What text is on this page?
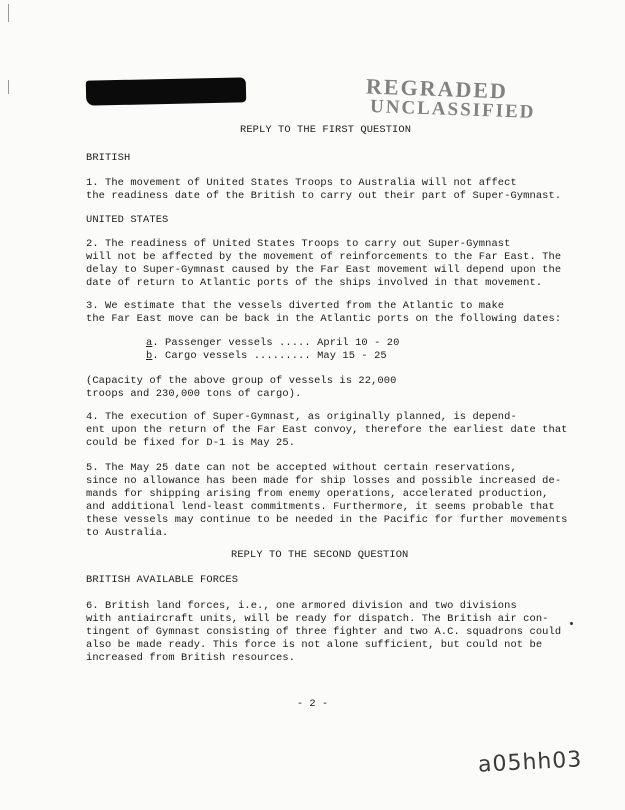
REGRADED
UNCLASSIFIED
REPLY TO THE FIRST QUESTION
BRITISH
1. The movement of United States Troops to Australia will not affect
the readiness date of the British to carry out their part of Super-Gymnast.
UNITED STATES
2. The readiness of United States Troops to carry out Super-Gymnast
will not be affected by the movement of reinforcements to the Far East. The
delay to Super-Gymnast caused by the Far East movement will depend upon the
date of return to Atlantic ports of the ships involved in that movement.
3. We estimate that the vessels diverted from the Atlantic to make
the Far East move can be back in the Atlantic ports on the following dates:
a. Passenger vessels ..... April 10 - 20
b. Cargo vessels ......... May 15 - 25
(Capacity of the above group of vessels is 22,000
troops and 230,000 tons of cargo).
4. The execution of Super-Gymnast, as originally planned, is depend-
ent upon the return of the Far East convoy, therefore the earliest date that
could be fixed for D-1 is May 25.
5. The May 25 date can not be accepted without certain reservations,
since no allowance has been made for ship losses and possible increased de-
mands for shipping arising from enemy operations, accelerated production,
and additional lend-least commitments. Furthermore, it seems probable that
these vessels may continue to be needed in the Pacific for further movements
to Australia.
REPLY TO THE SECOND QUESTION
BRITISH AVAILABLE FORCES
6. British land forces, i.e., one armored division and two divisions
with antiaircraft units, will be ready for dispatch. The British air con-
tingent of Gymnast consisting of three fighter and two A.C. squadrons could
also be made ready. This force is not alone sufficient, but could not be
increased from British resources.
- 2 -
a05hh03
